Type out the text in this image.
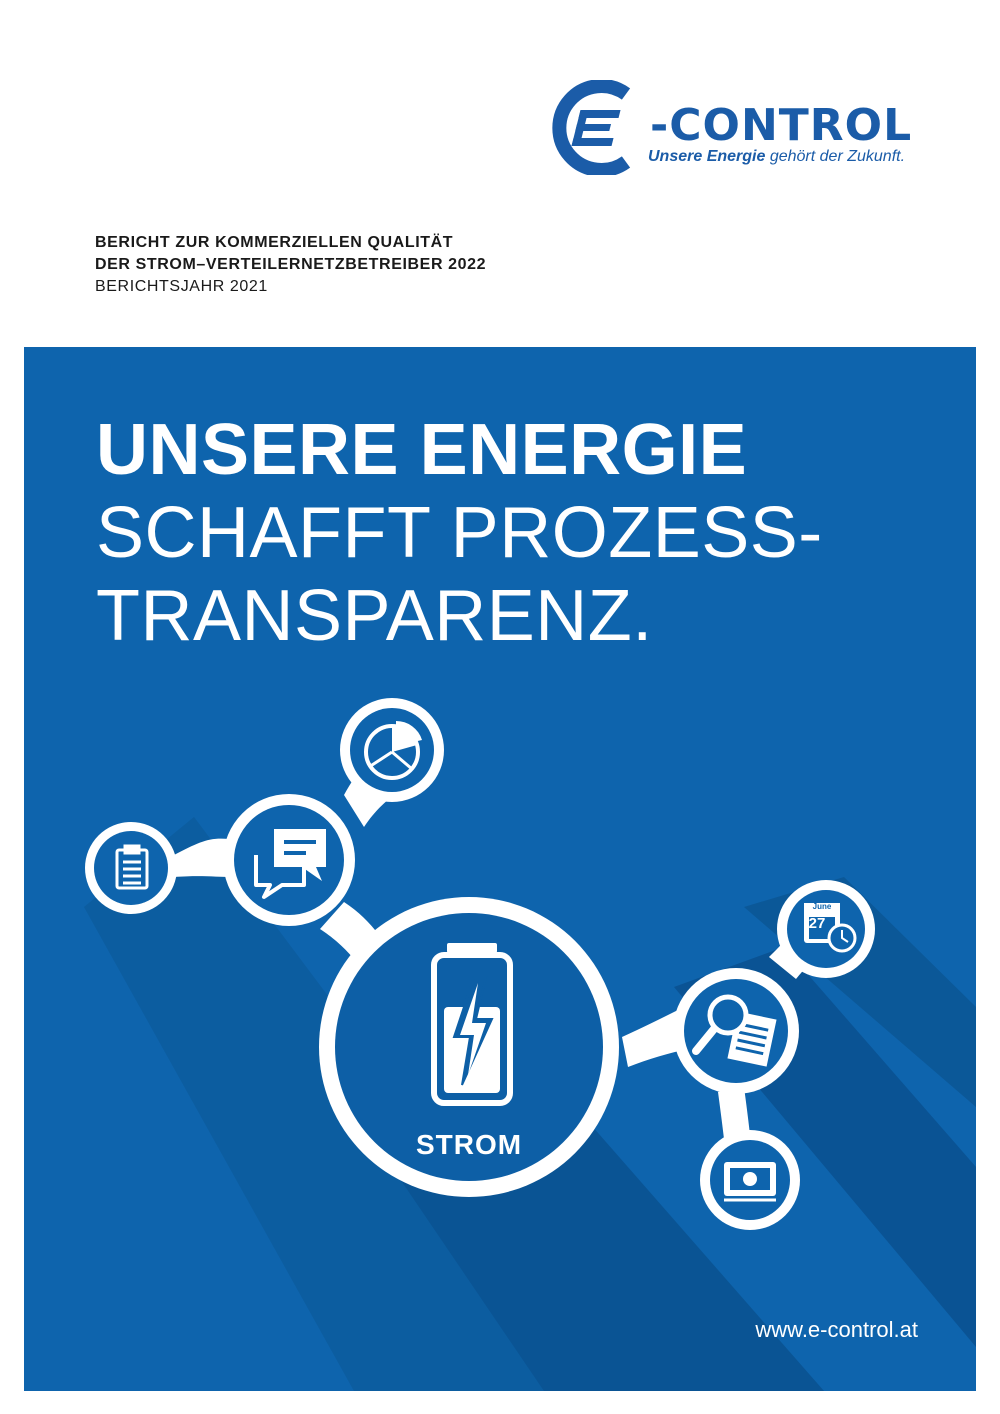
-CONTROL
Unsere Energie gehört der Zukunft.
BERICHT ZUR KOMMERZIELLEN QUALITÄT
DER STROM–VERTEILERNETZBETREIBER 2022
BERICHTSJAHR 2021
UNSERE ENERGIE
SCHAFFT PROZESS-
TRANSPARENZ.
STROM
June
27
www.e-control.at
